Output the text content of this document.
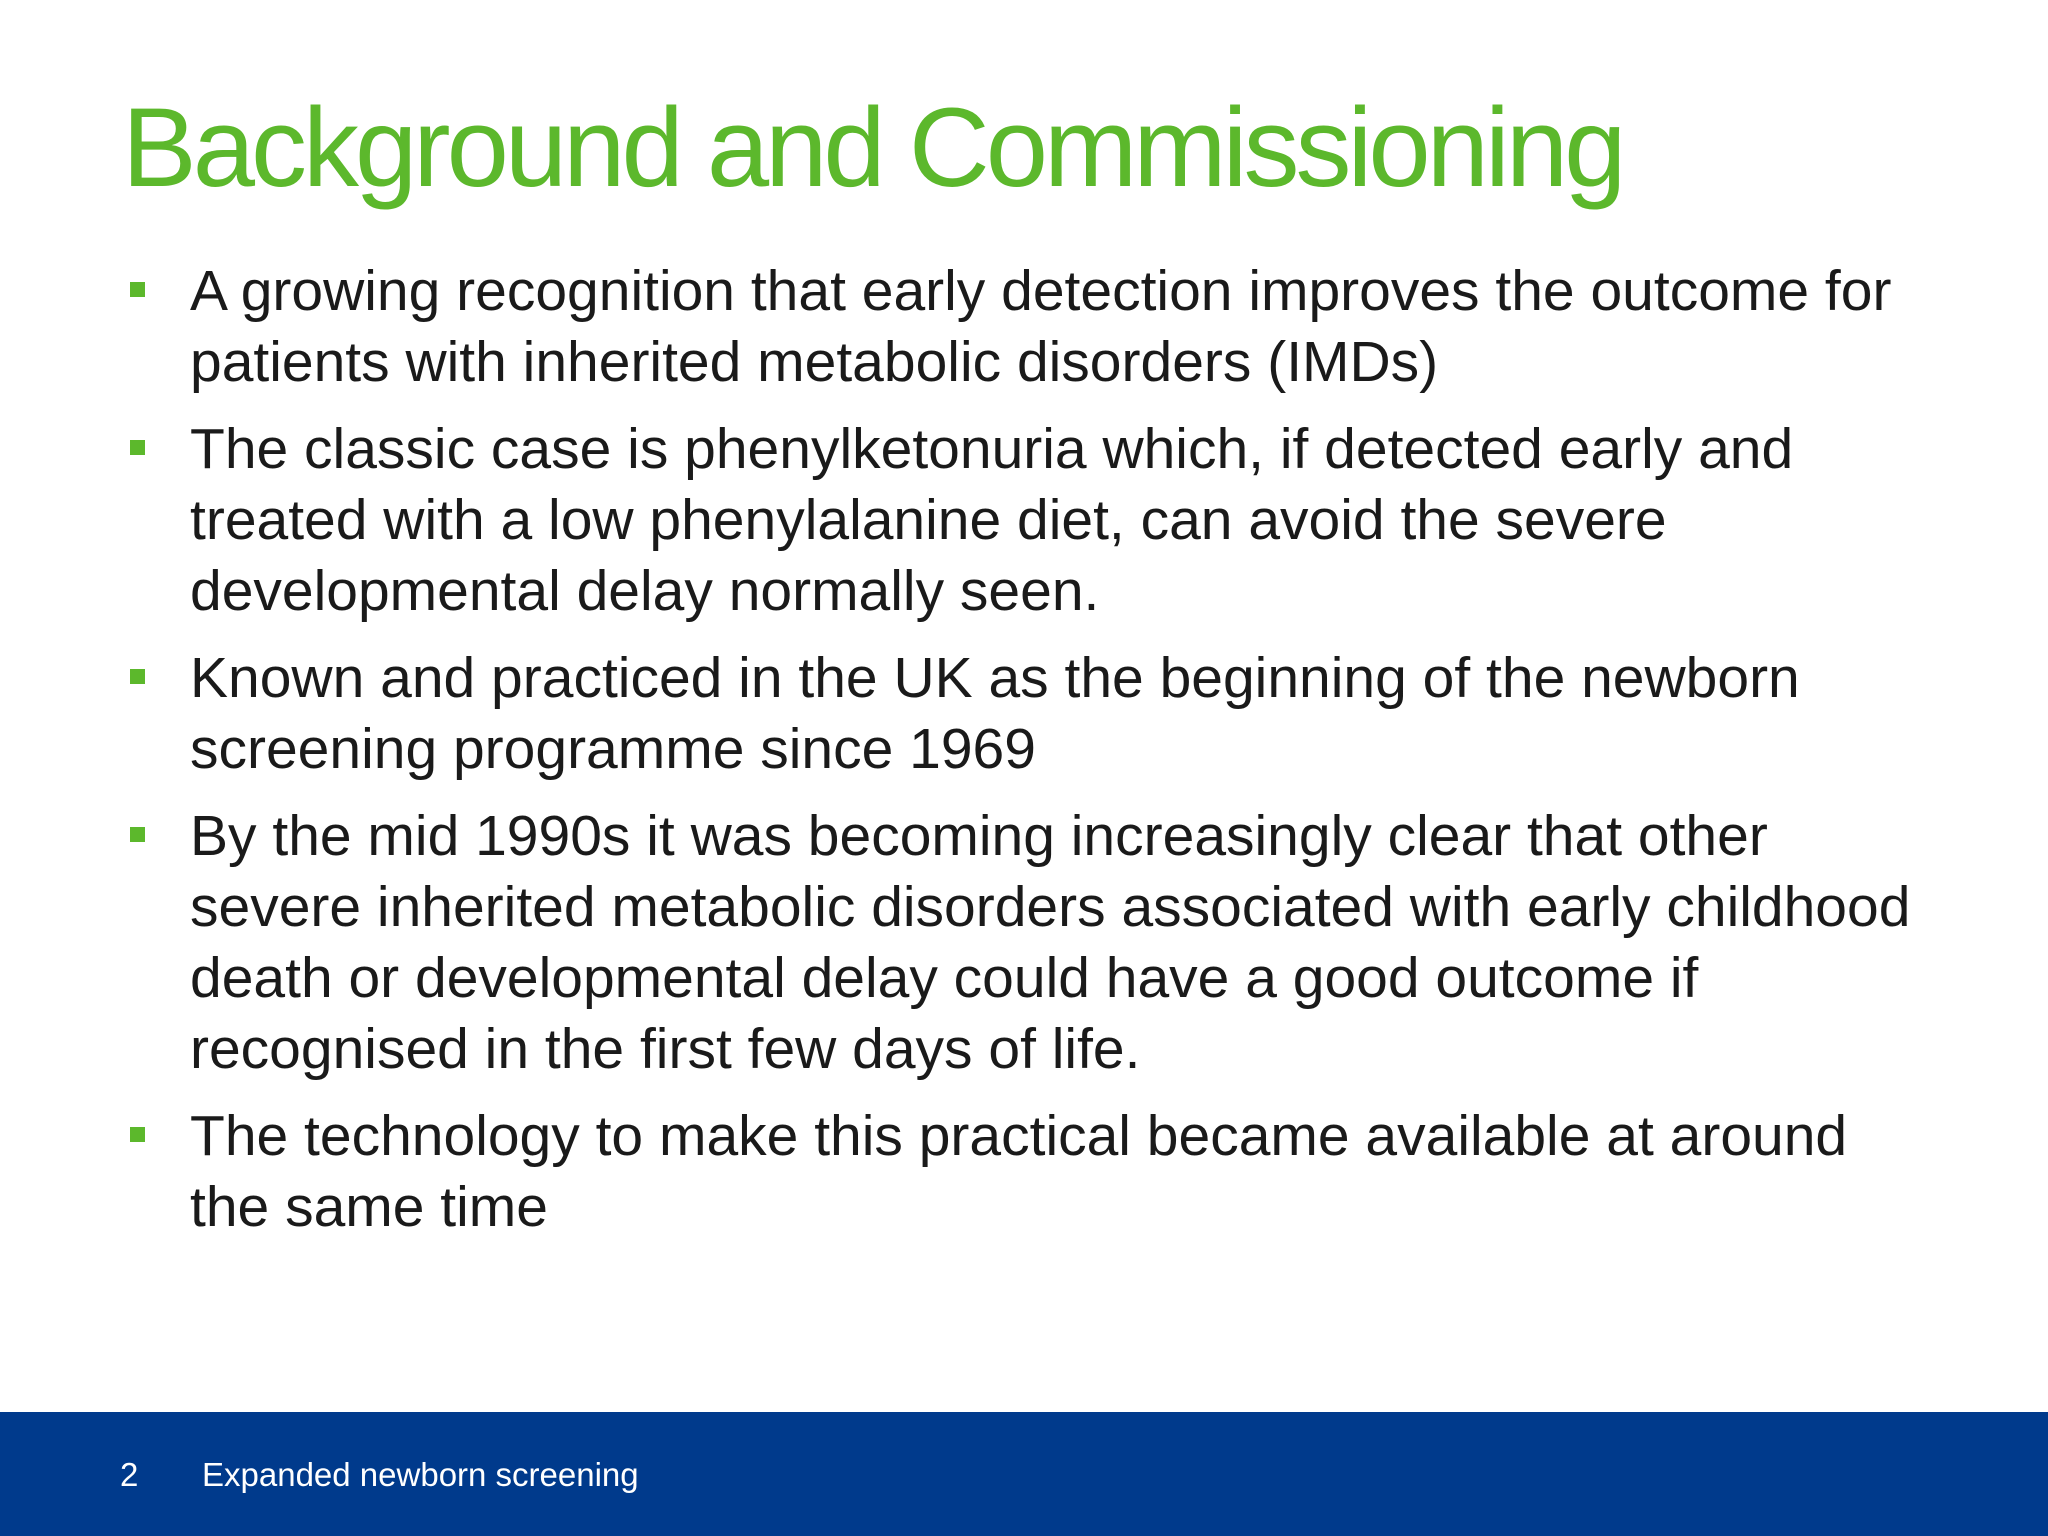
Background and Commissioning
A growing recognition that early detection improves the outcome for patients with inherited metabolic disorders (IMDs)
The classic case is phenylketonuria which, if detected early and treated with a low phenylalanine diet, can avoid the severe developmental delay normally seen.
Known and practiced in the UK as the beginning of the newborn screening programme since 1969
By the mid 1990s it was becoming increasingly clear that other severe inherited metabolic disorders associated with early childhood death or developmental delay could have a good outcome if recognised in the first few days of life.
The technology to make this practical became available at around the same time
2 Expanded newborn screening
